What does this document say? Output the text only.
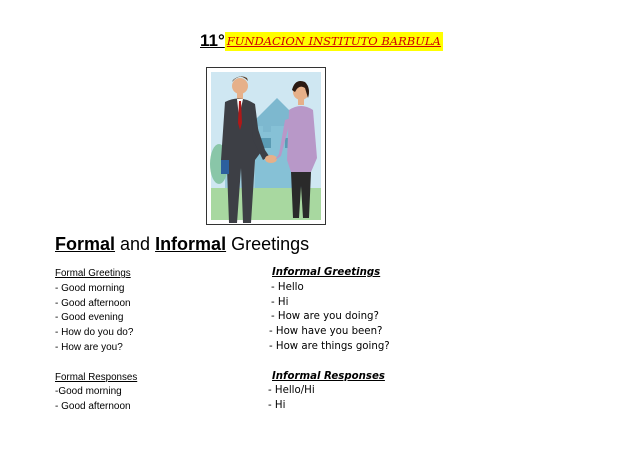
11° FUNDACION INSTITUTO BARBULA
Formal and Informal Greetings
Formal Greetings
- Good morning
- Good afternoon
- Good evening
- How do you do?
- How are you?
Formal Responses
-Good morning
- Good afternoon
Informal Greetings
- Hello
- Hi
- How are you doing?
- How have you been?
- How are things going?
Informal Responses
- Hello/Hi
- Hi
